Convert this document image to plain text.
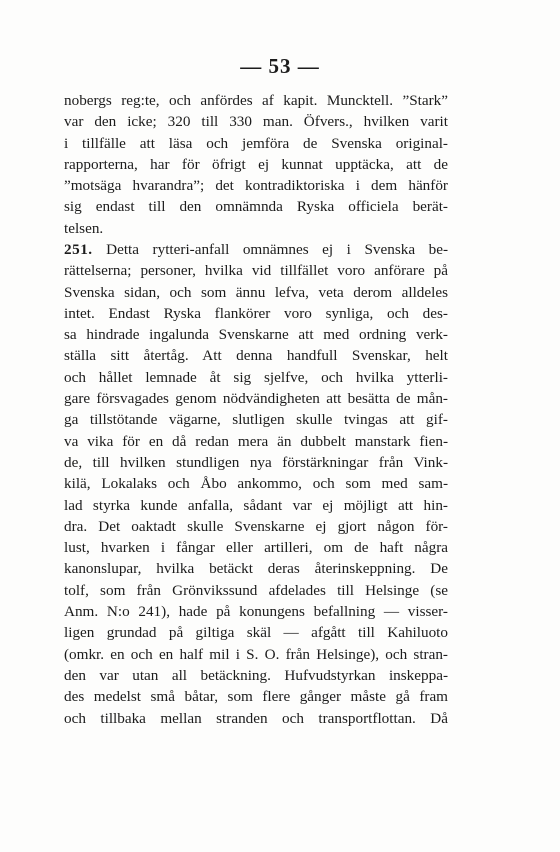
— 53 —
nobergs reg:te, och anfördes af kapit. Muncktell. ”Stark”
var den icke; 320 till 330 man. Öfvers., hvilken varit
i tillfälle att läsa och jemföra de Svenska original-
rapporterna, har för öfrigt ej kunnat upptäcka, att de
”motsäga hvarandra”; det kontradiktoriska i dem hänför
sig endast till den omnämnda Ryska officiela berät-
telsen.
251. Detta rytteri-anfall omnämnes ej i Svenska be-
rättelserna; personer, hvilka vid tillfället voro anförare på
Svenska sidan, och som ännu lefva, veta derom alldeles
intet. Endast Ryska flankörer voro synliga, och des-
sa hindrade ingalunda Svenskarne att med ordning verk-
ställa sitt återtåg. Att denna handfull Svenskar, helt
och hållet lemnade åt sig sjelfve, och hvilka ytterli-
gare försvagades genom nödvändigheten att besätta de mån-
ga tillstötande vägarne, slutligen skulle tvingas att gif-
va vika för en då redan mera än dubbelt manstark fien-
de, till hvilken stundligen nya förstärkningar från Vink-
kilä, Lokalaks och Åbo ankommo, och som med sam-
lad styrka kunde anfalla, sådant var ej möjligt att hin-
dra. Det oaktadt skulle Svenskarne ej gjort någon för-
lust, hvarken i fångar eller artilleri, om de haft några
kanonslupar, hvilka betäckt deras återinskeppning. De
tolf, som från Grönvikssund afdelades till Helsinge (se
Anm. N:o 241), hade på konungens befallning — visser-
ligen grundad på giltiga skäl — afgått till Kahiluoto
(omkr. en och en half mil i S. O. från Helsinge), och stran-
den var utan all betäckning. Hufvudstyrkan inskeppa-
des medelst små båtar, som flere gånger måste gå fram
och tillbaka mellan stranden och transportflottan. Då
